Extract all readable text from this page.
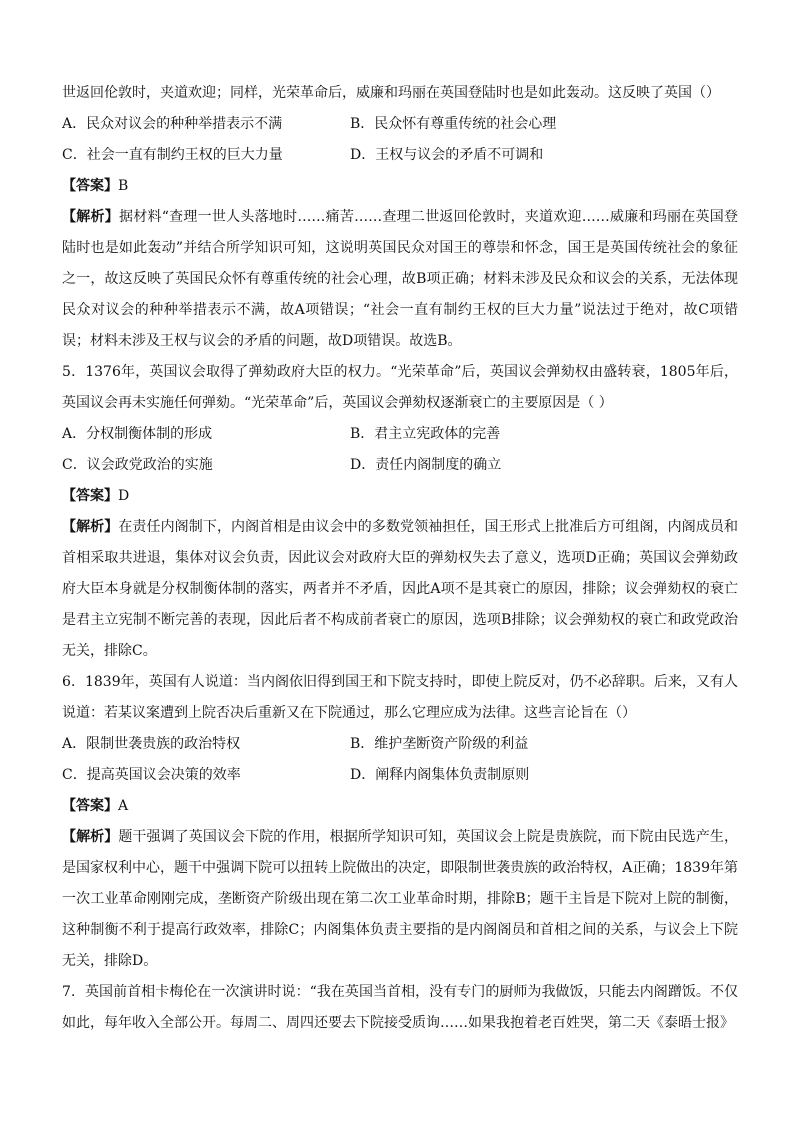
世返回伦敦时，夹道欢迎；同样，光荣革命后，威廉和玛丽在英国登陆时也是如此轰动。这反映了英国（）

A．民众对议会的种种举措表示不满	B．民众怀有尊重传统的社会心理
C．社会一直有制约王权的巨大力量	D．王权与议会的矛盾不可调和

【答案】B

【解析】据材料“查理一世人头落地时……痛苦……查理二世返回伦敦时，夹道欢迎……威廉和玛丽在英国登陆时也是如此轰动”并结合所学知识可知，这说明英国民众对国王的尊崇和怀念，国王是英国传统社会的象征之一，故这反映了英国民众怀有尊重传统的社会心理，故B项正确；材料未涉及民众和议会的关系，无法体现民众对议会的种种举措表示不满，故A项错误；“社会一直有制约王权的巨大力量”说法过于绝对，故C项错误；材料未涉及王权与议会的矛盾的问题，故D项错误。故选B。

5．1376年，英国议会取得了弹劾政府大臣的权力。“光荣革命”后，英国议会弹劾权由盛转衰，1805年后，英国议会再未实施任何弹劾。“光荣革命”后，英国议会弹劾权逐渐衰亡的主要原因是（ ）

A．分权制衡体制的形成	B．君主立宪政体的完善
C．议会政党政治的实施	D．责任内阁制度的确立

【答案】D

【解析】在责任内阁制下，内阁首相是由议会中的多数党领袖担任，国王形式上批准后方可组阁，内阁成员和首相采取共进退，集体对议会负责，因此议会对政府大臣的弹劾权失去了意义，选项D正确；英国议会弹劾政府大臣本身就是分权制衡体制的落实，两者并不矛盾，因此A项不是其衰亡的原因，排除；议会弹劾权的衰亡是君主立宪制不断完善的表现，因此后者不构成前者衰亡的原因，选项B排除；议会弹劾权的衰亡和政党政治无关，排除C。

6．1839年，英国有人说道：当内阁依旧得到国王和下院支持时，即使上院反对，仍不必辞职。后来，又有人说道：若某议案遭到上院否决后重新又在下院通过，那么它理应成为法律。这些言论旨在（）

A．限制世袭贵族的政治特权	B．维护垄断资产阶级的利益
C．提高英国议会决策的效率	D．阐释内阁集体负责制原则

【答案】A

【解析】题干强调了英国议会下院的作用，根据所学知识可知，英国议会上院是贵族院，而下院由民选产生，是国家权利中心，题干中强调下院可以扭转上院做出的决定，即限制世袭贵族的政治特权，A正确；1839年第一次工业革命刚刚完成，垄断资产阶级出现在第二次工业革命时期，排除B；题干主旨是下院对上院的制衡，这种制衡不利于提高行政效率，排除C；内阁集体负责主要指的是内阁阁员和首相之间的关系，与议会上下院无关，排除D。

7．英国前首相卡梅伦在一次演讲时说：“我在英国当首相，没有专门的厨师为我做饭，只能去内阁蹭饭。不仅如此，每年收入全部公开。每周二、周四还要去下院接受质询……如果我抱着老百姓哭，第二天《泰晤士报》
